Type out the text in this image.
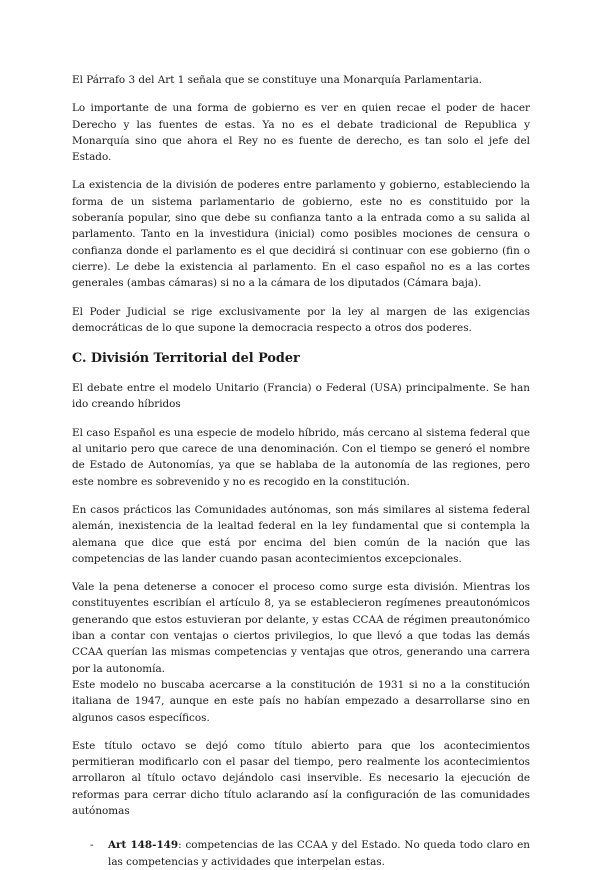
El Párrafo 3 del Art 1 señala que se constituye una Monarquía Parlamentaria.

Lo importante de una forma de gobierno es ver en quien recae el poder de hacer Derecho y las fuentes de estas. Ya no es el debate tradicional de Republica y Monarquía sino que ahora el Rey no es fuente de derecho, es tan solo el jefe del Estado.

La existencia de la división de poderes entre parlamento y gobierno, estableciendo la forma de un sistema parlamentario de gobierno, este no es constituido por la soberanía popular, sino que debe su confianza tanto a la entrada como a su salida al parlamento. Tanto en la investidura (inicial) como posibles mociones de censura o confianza donde el parlamento es el que decidirá si continuar con ese gobierno (fin o cierre). Le debe la existencia al parlamento. En el caso español no es a las cortes generales (ambas cámaras) si no a la cámara de los diputados (Cámara baja).

El Poder Judicial se rige exclusivamente por la ley al margen de las exigencias democráticas de lo que supone la democracia respecto a otros dos poderes.

C. División Territorial del Poder

El debate entre el modelo Unitario (Francia) o Federal (USA) principalmente. Se han ido creando híbridos

El caso Español es una especie de modelo híbrido, más cercano al sistema federal que al unitario pero que carece de una denominación. Con el tiempo se generó el nombre de Estado de Autonomías, ya que se hablaba de la autonomía de las regiones, pero este nombre es sobrevenido y no es recogido en la constitución.

En casos prácticos las Comunidades autónomas, son más similares al sistema federal alemán, inexistencia de la lealtad federal en la ley fundamental que si contempla la alemana que dice que está por encima del bien común de la nación que las competencias de las lander cuando pasan acontecimientos excepcionales.

Vale la pena detenerse a conocer el proceso como surge esta división. Mientras los constituyentes escribían el artículo 8, ya se establecieron regímenes preautonómicos generando que estos estuvieran por delante, y estas CCAA de régimen preautonómico iban a contar con ventajas o ciertos privilegios, lo que llevó a que todas las demás CCAA querían las mismas competencias y ventajas que otros, generando una carrera por la autonomía.

Este modelo no buscaba acercarse a la constitución de 1931 si no a la constitución italiana de 1947, aunque en este país no habían empezado a desarrollarse sino en algunos casos específicos.

Este título octavo se dejó como título abierto para que los acontecimientos permitieran modificarlo con el pasar del tiempo, pero realmente los acontecimientos arrollaron al título octavo dejándolo casi inservible. Es necesario la ejecución de reformas para cerrar dicho título aclarando así la configuración de las comunidades autónomas

- Art 148-149: competencias de las CCAA y del Estado. No queda todo claro en las competencias y actividades que interpelan estas.
